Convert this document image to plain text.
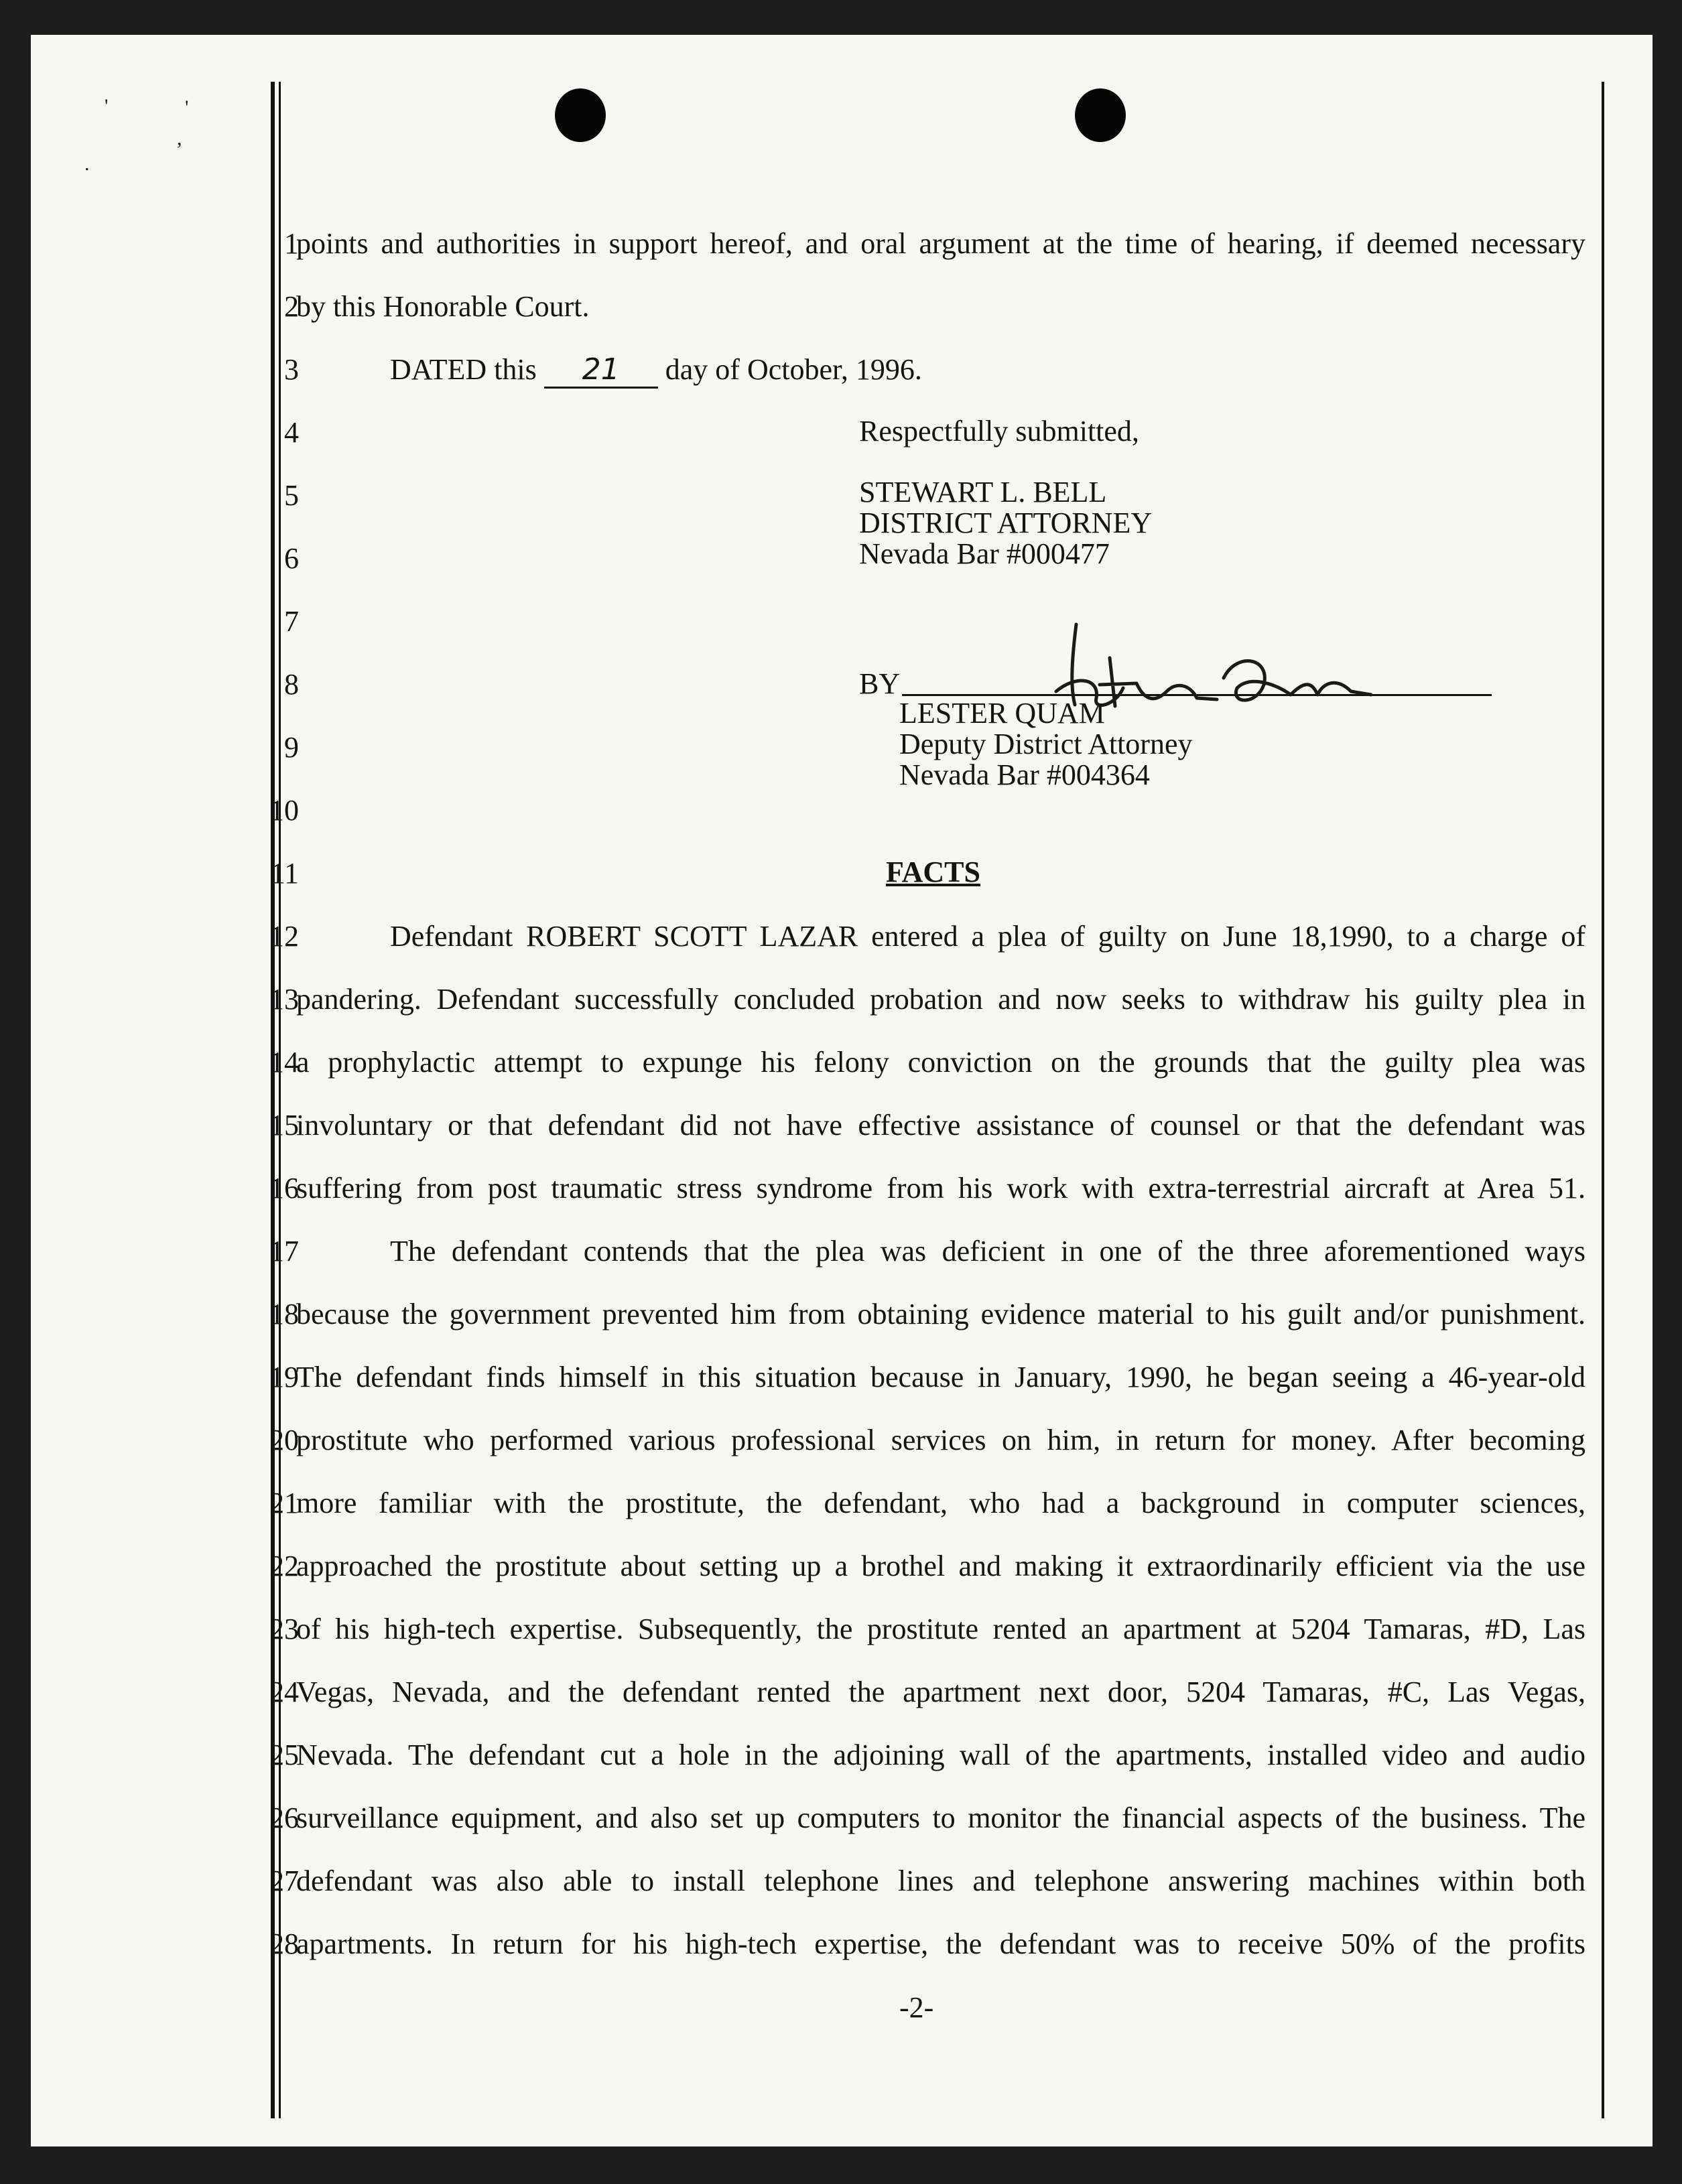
'	'
,
.
1
2
3
4
5
6
7
8
9
10
11
12
13
14
15
16
17
18
19
20
21
22
23
24
25
26
27
28
points and authorities in support hereof, and oral argument at the time of hearing, if deemed necessary
by this Honorable Court.
DATED this 21 day of October, 1996.
Respectfully submitted,
STEWART L. BELL
DISTRICT ATTORNEY
Nevada Bar #000477
BY
LESTER QUAM
Deputy District Attorney
Nevada Bar #004364
FACTS
Defendant ROBERT SCOTT LAZAR entered a plea of guilty on June 18,1990, to a charge of
pandering. Defendant successfully concluded probation and now seeks to withdraw his guilty plea in
a prophylactic attempt to expunge his felony conviction on the grounds that the guilty plea was
involuntary or that defendant did not have effective assistance of counsel or that the defendant was
suffering from post traumatic stress syndrome from his work with extra-terrestrial aircraft at Area 51.
The defendant contends that the plea was deficient in one of the three aforementioned ways
because the government prevented him from obtaining evidence material to his guilt and/or punishment.
The defendant finds himself in this situation because in January, 1990, he began seeing a 46-year-old
prostitute who performed various professional services on him, in return for money. After becoming
more familiar with the prostitute, the defendant, who had a background in computer sciences,
approached the prostitute about setting up a brothel and making it extraordinarily efficient via the use
of his high-tech expertise. Subsequently, the prostitute rented an apartment at 5204 Tamaras, #D, Las
Vegas, Nevada, and the defendant rented the apartment next door, 5204 Tamaras, #C, Las Vegas,
Nevada. The defendant cut a hole in the adjoining wall of the apartments, installed video and audio
surveillance equipment, and also set up computers to monitor the financial aspects of the business. The
defendant was also able to install telephone lines and telephone answering machines within both
apartments. In return for his high-tech expertise, the defendant was to receive 50% of the profits
-2-
